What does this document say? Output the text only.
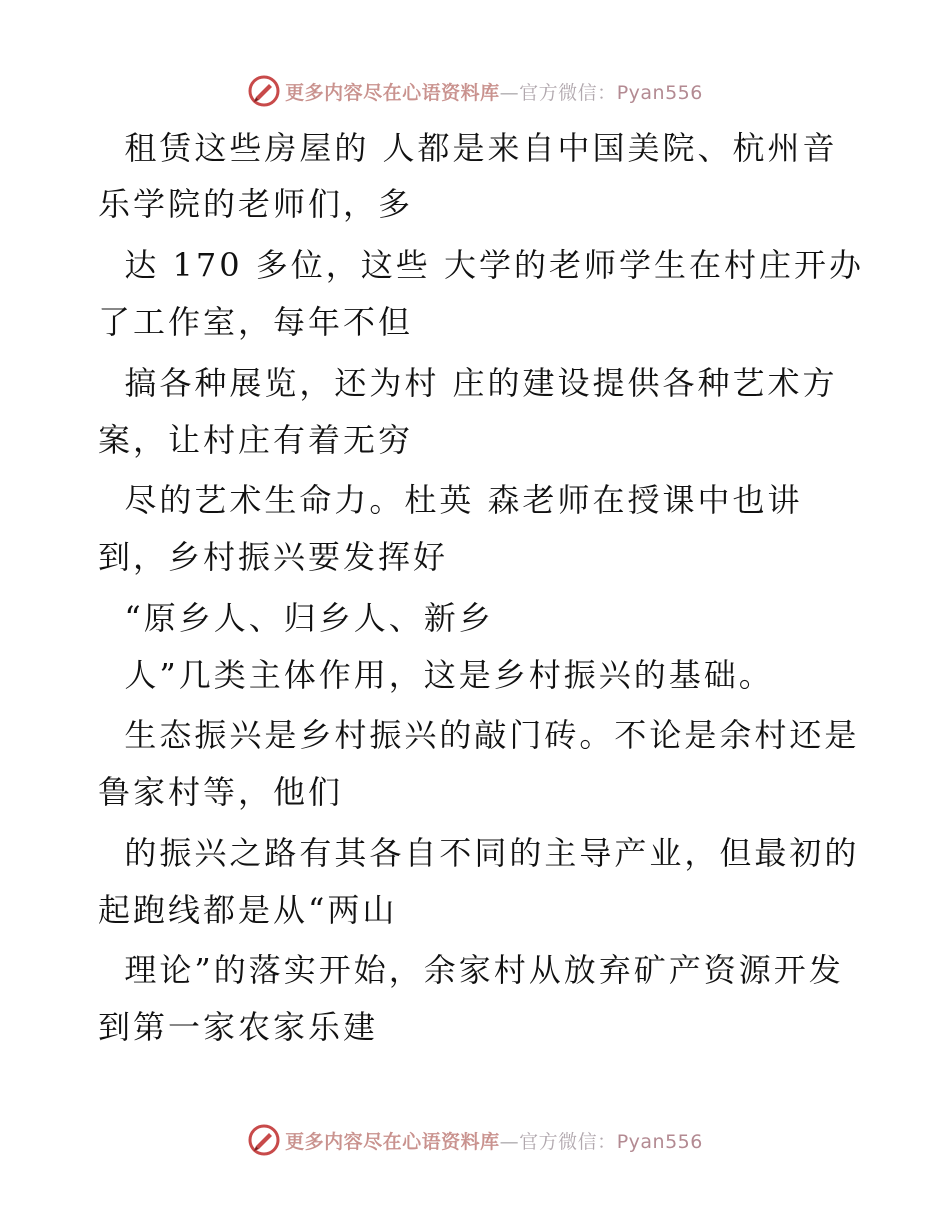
更多内容尽在心语资料库—官方微信：Pyan556
租赁这些房屋的 人都是来自中国美院、杭州音
乐学院的老师们，多
达 170 多位，这些 大学的老师学生在村庄开办
了工作室，每年不但
搞各种展览，还为村 庄的建设提供各种艺术方
案，让村庄有着无穷
尽的艺术生命力。杜英 森老师在授课中也讲
到，乡村振兴要发挥好
“原乡人、归乡人、新乡
人”几类主体作用，这是乡村振兴的基础。
生态振兴是乡村振兴的敲门砖。不论是余村还是
鲁家村等，他们
的振兴之路有其各自不同的主导产业，但最初的
起跑线都是从“两山
理论”的落实开始，余家村从放弃矿产资源开发
到第一家农家乐建
更多内容尽在心语资料库—官方微信：Pyan556
